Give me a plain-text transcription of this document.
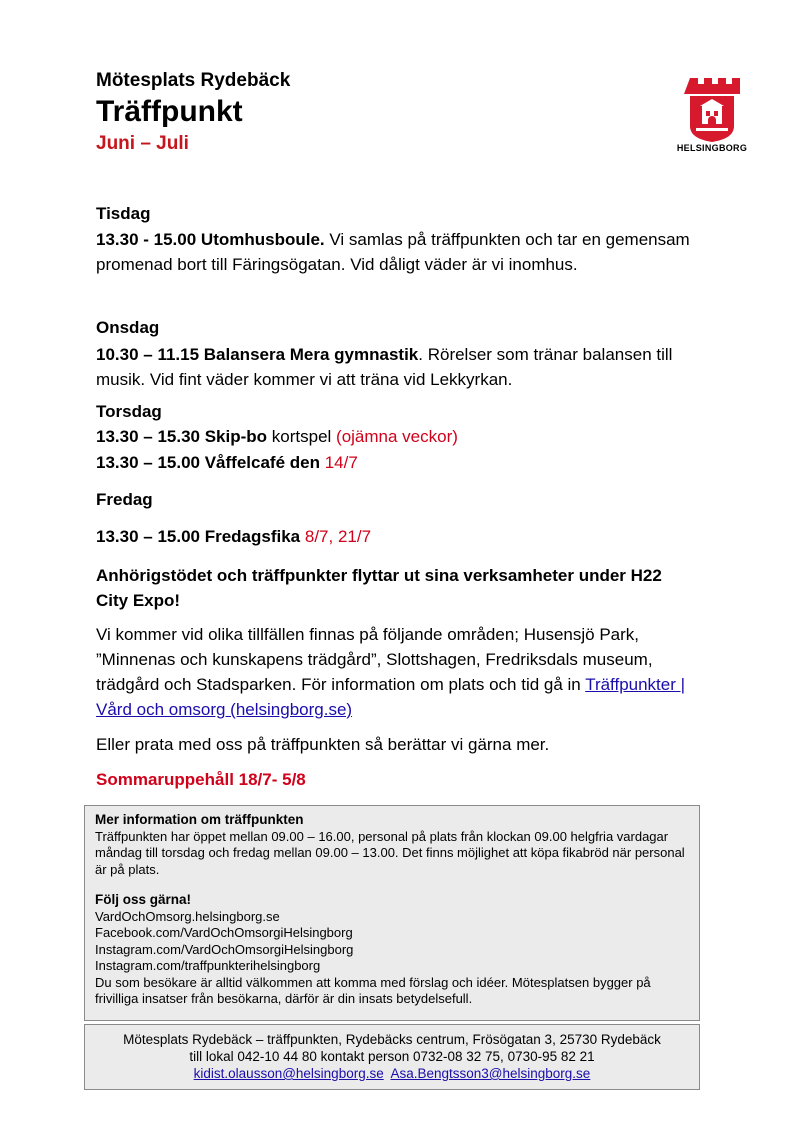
Mötesplats Rydebäck
Träffpunkt
Juni – Juli	HELSINGBORG
Tisdag
13.30 - 15.00 Utomhusboule. Vi samlas på träffpunkten och tar en gemensam promenad bort till Färingsögatan. Vid dåligt väder är vi inomhus.
Onsdag
10.30 – 11.15 Balansera Mera gymnastik. Rörelser som tränar balansen till musik. Vid fint väder kommer vi att träna vid Lekkyrkan.
Torsdag
13.30 – 15.30 Skip-bo kortspel (ojämna veckor)
13.30 – 15.00 Våffelcafé den 14/7
Fredag
13.30 – 15.00 Fredagsfika 8/7, 21/7
Anhörigstödet och träffpunkter flyttar ut sina verksamheter under H22 City Expo!
Vi kommer vid olika tillfällen finnas på följande områden; Husensjö Park, ”Minnenas och kunskapens trädgård”, Slottshagen, Fredriksdals museum, trädgård och Stadsparken. För information om plats och tid gå in Träffpunkter | Vård och omsorg (helsingborg.se)
Eller prata med oss på träffpunkten så berättar vi gärna mer.
Sommaruppehåll 18/7- 5/8
Mer information om träffpunkten
Träffpunkten har öppet mellan 09.00 – 16.00, personal på plats från klockan 09.00 helgfria vardagar måndag till torsdag och fredag mellan 09.00 – 13.00. Det finns möjlighet att köpa fikabröd när personal är på plats.
Följ oss gärna!
VardOchOmsorg.helsingborg.se
Facebook.com/VardOchOmsorgiHelsingborg
Instagram.com/VardOchOmsorgiHelsingborg
Instagram.com/traffpunkterihelsingborg
Du som besökare är alltid välkommen att komma med förslag och idéer. Mötesplatsen bygger på frivilliga insatser från besökarna, därför är din insats betydelsefull.
Mötesplats Rydebäck – träffpunkten, Rydebäcks centrum, Frösögatan 3, 25730 Rydebäck
till lokal 042-10 44 80 kontakt person 0732-08 32 75, 0730-95 82 21
kidist.olausson@helsingborg.se Asa.Bengtsson3@helsingborg.se
